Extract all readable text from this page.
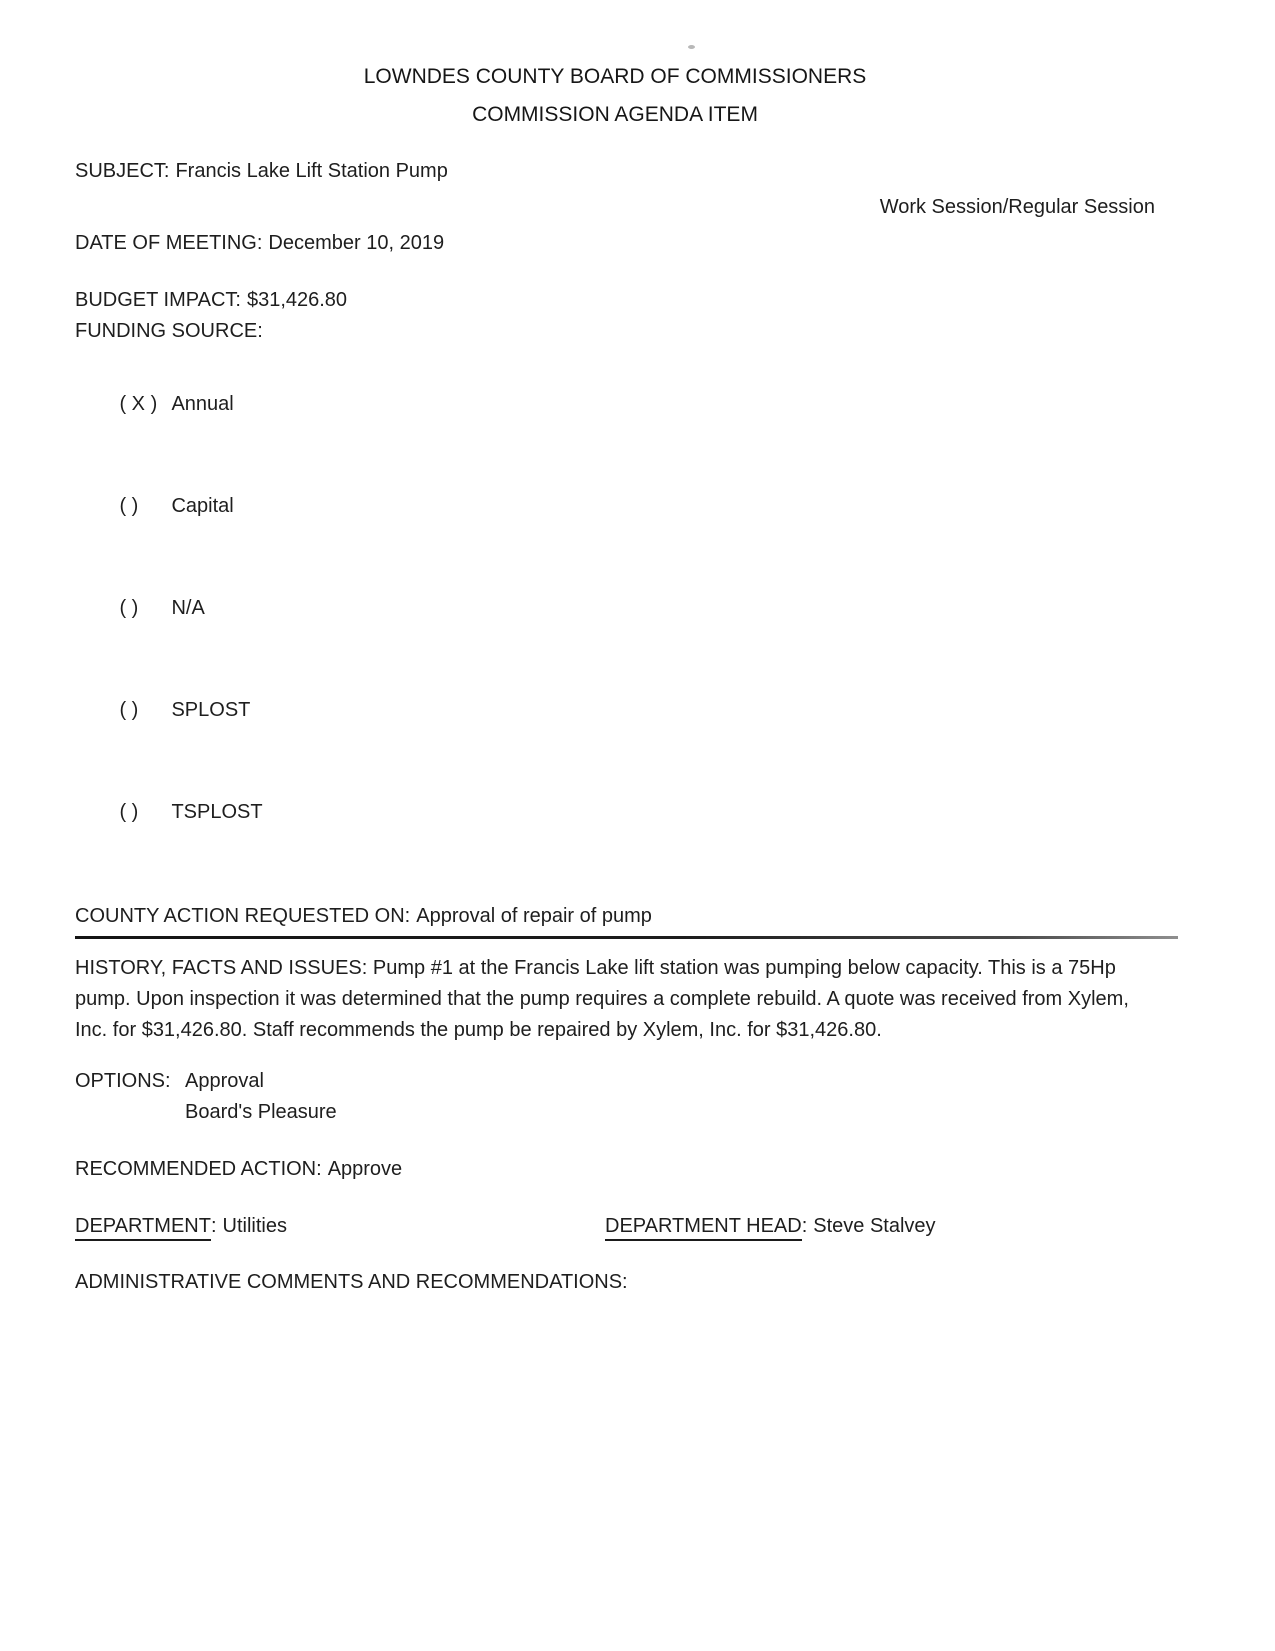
LOWNDES COUNTY BOARD OF COMMISSIONERS
COMMISSION AGENDA ITEM
SUBJECT: Francis Lake Lift Station Pump
Work Session/Regular Session
DATE OF MEETING: December 10, 2019
BUDGET IMPACT: $31,426.80
FUNDING SOURCE:

( X ) Annual

( ) Capital

( ) N/A

( ) SPLOST

( ) TSPLOST

COUNTY ACTION REQUESTED ON: Approval of repair of pump
HISTORY, FACTS AND ISSUES: Pump #1 at the Francis Lake lift station was pumping below capacity. This is a 75Hp pump. Upon inspection it was determined that the pump requires a complete rebuild. A quote was received from Xylem, Inc. for $31,426.80. Staff recommends the pump be repaired by Xylem, Inc. for $31,426.80.
OPTIONS: Approval
Board's Pleasure
RECOMMENDED ACTION: Approve
DEPARTMENT: Utilities	DEPARTMENT HEAD: Steve Stalvey
ADMINISTRATIVE COMMENTS AND RECOMMENDATIONS:
